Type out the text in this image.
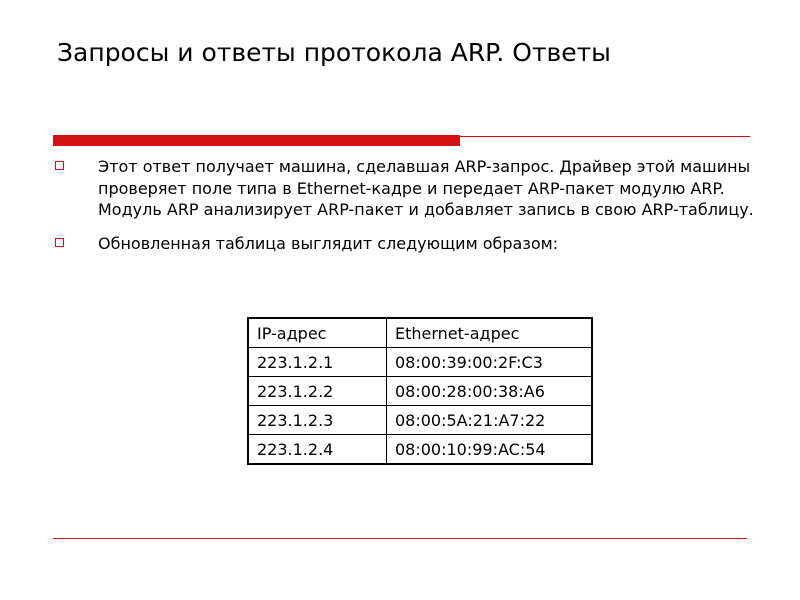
Запросы и ответы протокола ARP. Ответы
Этот ответ получает машина, сделавшая ARP-запрос. Драйвер этой машины проверяет поле типа в Ethernet-кадре и передает ARP-пакет модулю ARP. Модуль ARP анализирует ARP-пакет и добавляет запись в свою ARP-таблицу.
Обновленная таблица выглядит следующим образом:
IP-адрес	Ethernet-адрес
223.1.2.1	08:00:39:00:2F:C3
223.1.2.2	08:00:28:00:38:A6
223.1.2.3	08:00:5A:21:A7:22
223.1.2.4	08:00:10:99:AC:54
